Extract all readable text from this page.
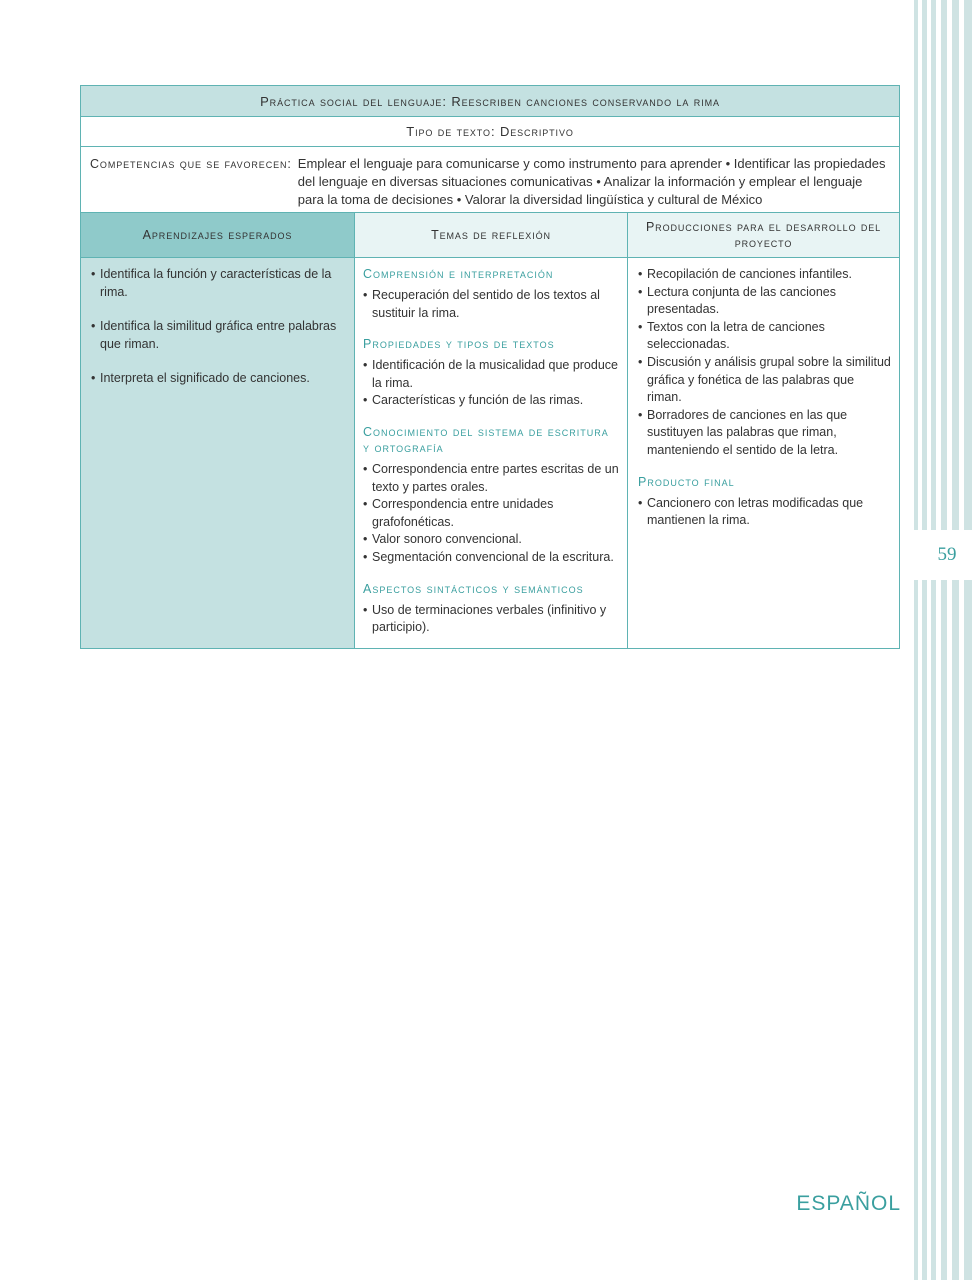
59
Práctica social del lenguaje: Reescriben canciones conservando la rima
Tipo de texto: Descriptivo
Competencias que se favorecen: Emplear el lenguaje para comunicarse y como instrumento para aprender • Identificar las propiedades del lenguaje en diversas situaciones comunicativas • Analizar la información y emplear el lenguaje para la toma de decisiones • Valorar la diversidad lingüística y cultural de México
Aprendizajes esperados
• Identifica la función y características de la rima.
• Identifica la similitud gráfica entre palabras que riman.
• Interpreta el significado de canciones.
Temas de reflexión
Comprensión e interpretación
• Recuperación del sentido de los textos al sustituir la rima.
Propiedades y tipos de textos
• Identificación de la musicalidad que produce la rima.
• Características y función de las rimas.
Conocimiento del sistema de escritura y ortografía
• Correspondencia entre partes escritas de un texto y partes orales.
• Correspondencia entre unidades grafofonéticas.
• Valor sonoro convencional.
• Segmentación convencional de la escritura.
Aspectos sintácticos y semánticos
• Uso de terminaciones verbales (infinitivo y participio).
Producciones para el desarrollo del proyecto
• Recopilación de canciones infantiles.
• Lectura conjunta de las canciones presentadas.
• Textos con la letra de canciones seleccionadas.
• Discusión y análisis grupal sobre la similitud gráfica y fonética de las palabras que riman.
• Borradores de canciones en las que sustituyen las palabras que riman, manteniendo el sentido de la letra.
Producto final
• Cancionero con letras modificadas que mantienen la rima.
ESPAÑOL
